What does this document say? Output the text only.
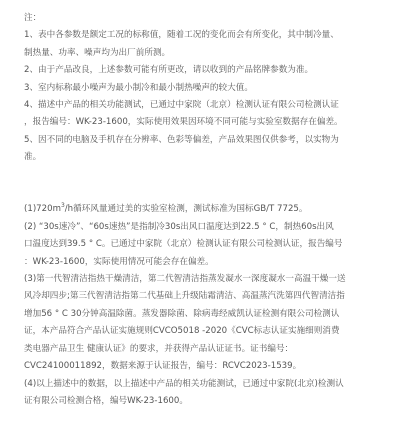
注：
1、表中各参数是额定工况的标称值，随着工况的变化而会有所变化，其中制冷量、
制热量、功率、噪声均为出厂前所测。
2、由于产品改良，上述参数可能有所更改，请以收到的产品铭牌参数为准。
3、室内标称最小噪声为最小制冷和最小制热噪声的较大值。
4、描述中产品的相关功能测试，已通过中家院（北京）检测认证有限公司检测认证
，报告编号：WK-23-1600，实际使用效果因环境不同可能与实验室数据存在偏差。
5、因不同的电脑及手机存在分辨率、色彩等偏差，产品效果图仅供参考，以实物为
准。
$(1)720m^3/h$循环风量通过美的实验室检测，测试标准为国标GB/T 7725。
(2) “30s速冷”、“60s速热”是指制冷30s出风口温度达到22.5 ° C，制热60s出风
口温度达到39.5 ° C。已通过中家院（北京）检测认证有限公司检测认证，报告编号
：WK-23-1600，实际使用情况可能会存在偏差。
(3)第一代智清洁指热干燥清洁，第二代智清洁指蒸发凝水一深度凝水一高温干燥一送
风冷却四步;第三代智清洁指第二代基础上升级陆霜清洁、高温蒸汽洗第四代智清洁指
增加56 ° C 30分钟高温除菌。蒸发器除菌、除病毒经威凯认证检测有限公司检测认
证，本产品符合产品认证实施规则CVCO5018 -2020《CVC标志认证实施细则消费
类电器产品卫生 健康认证》的要求，并获得产品认证证书。证书编号：
CVC24100011892，数据来源于认证报告，编号：RCVC2023-1539。
(4)以上描述中的数据，以上描述中产品的相关功能测试，已通过中家院(北京)检测认
证有限公司检测合格，编号WK-23-1600。
